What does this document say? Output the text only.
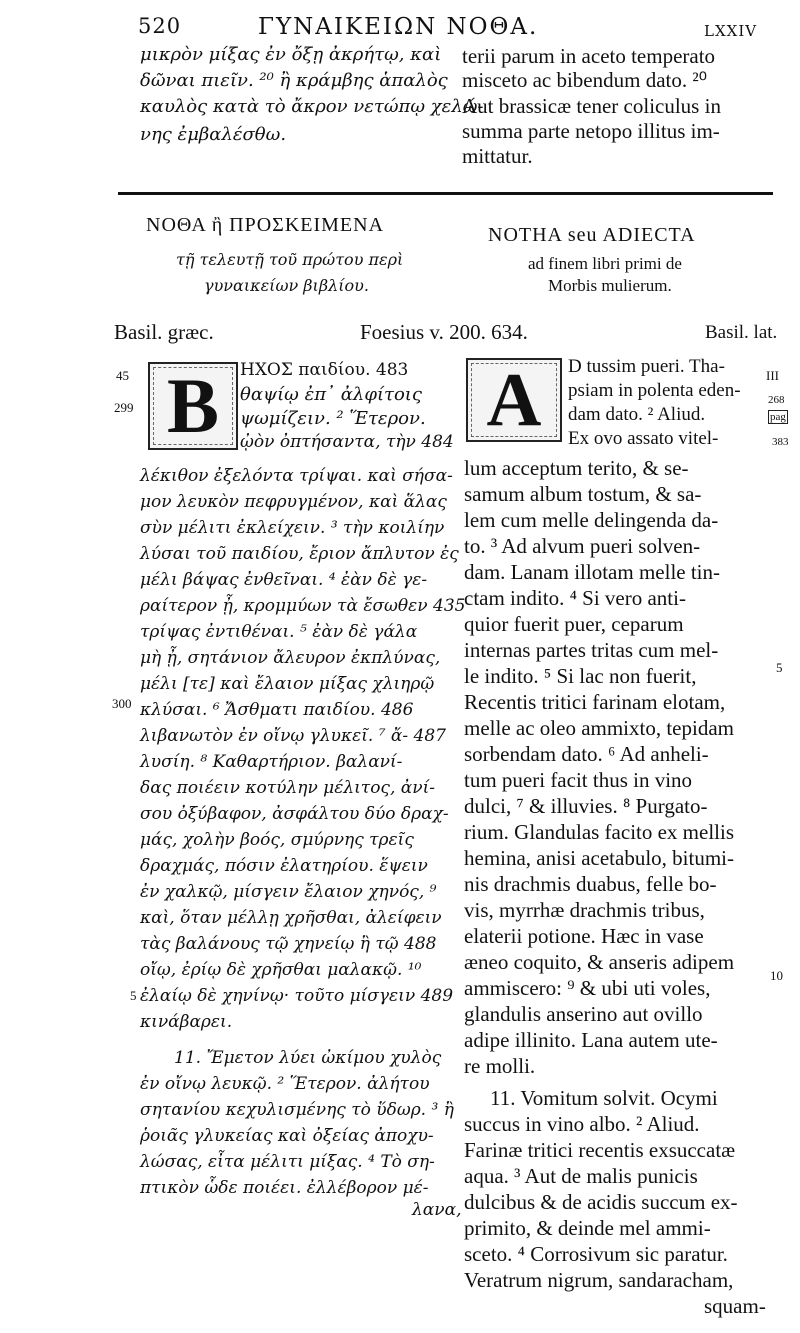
520	ΓΥΝΑΙΚΕΙΩΝ ΝΟΘΑ.	LXXIV
μικρὸν μίξας ἐν ὄξῃ ἀκρήτῳ, καὶ
δῶναι πιεῖν. ²⁰ ἢ κράμβης ἁπαλὸς
καυλὸς κατὰ τὸ ἄκρον νετώπῳ χελώ-
νης ἐμβαλέσθω.
terii parum in aceto temperato
misceto ac bibendum dato. ²⁰
Aut brassicæ tener coliculus in
summa parte netopo illitus im-
mittatur.
ΝΟΘΑ ἢ ΠΡΟΣΚΕΙΜΕΝΑ
τῇ τελευτῇ τοῦ πρώτου περὶ
γυναικείων βιβλίου.
NOTHA seu ADIECTA
ad finem libri primi de
Morbis mulierum.
Basil. græc.	Foesius v. 200. 634.	Basil. lat.
45
299
300
5
III
268
pag
383
5
10
B	A
ΗΧΟΣ παιδίου. 483
θαψίῳ ἐπ᾽ ἀλφίτοις
ψωμίζειν. ² Ἕτερον.
ᾠὸν ὀπτήσαντα, τὴν 484
λέκιθον ἐξελόντα τρίψαι. καὶ σήσα-
μον λευκὸν πεφρυγμένον, καὶ ἅλας
σὺν μέλιτι ἐκλείχειν. ³ τὴν κοιλίην
λύσαι τοῦ παιδίου, ἔριον ἄπλυτον ἐς
μέλι βάψας ἐνθεῖναι. ⁴ ἐὰν δὲ γε-
ραίτερον ᾖ, κρομμύων τὰ ἔσωθεν 435
τρίψας ἐντιθέναι. ⁵ ἐὰν δὲ γάλα
μὴ ᾖ, σητάνιον ἄλευρον ἐκπλύνας,
μέλι [τε] καὶ ἔλαιον μίξας χλιηρῷ
κλύσαι. ⁶ Ἄσθματι παιδίου. 486
λιβανωτὸν ἐν οἴνῳ γλυκεῖ. ⁷ ἄ- 487
λυσίη. ⁸ Καθαρτήριον. βαλανί-
δας ποιέειν κοτύλην μέλιτος, ἀνί-
σου ὀξύβαφον, ἀσφάλτου δύο δραχ-
μάς, χολὴν βοός, σμύρνης τρεῖς
δραχμάς, πόσιν ἐλατηρίου. ἕψειν
ἐν χαλκῷ, μίσγειν ἔλαιον χηνός, ⁹
καὶ, ὅταν μέλλῃ χρῆσθαι, ἀλείφειν
τὰς βαλάνους τῷ χηνείῳ ἢ τῷ 488
οἴῳ, ἐρίῳ δὲ χρῆσθαι μαλακῷ. ¹⁰
ἐλαίῳ δὲ χηνίνῳ· τοῦτο μίσγειν 489
κινάβαρει.
11. Ἔμετον λύει ὠκίμου χυλὸς
ἐν οἴνῳ λευκῷ. ² Ἕτερον. ἀλήτου
σητανίου κεχυλισμένης τὸ ὕδωρ. ³ ἢ
ῥοιᾶς γλυκείας καὶ ὀξείας ἀποχυ-
λώσας, εἶτα μέλιτι μίξας. ⁴ Τὸ ση-
πτικὸν ὧδε ποιέει. ἐλλέβορον μέ-
λανα,
D tussim pueri. Tha-
psiam in polenta eden-
dam dato. ² Aliud.
Ex ovo assato vitel-
lum acceptum terito, & se-
samum album tostum, & sa-
lem cum melle delingenda da-
to. ³ Ad alvum pueri solven-
dam. Lanam illotam melle tin-
ctam indito. ⁴ Si vero anti-
quior fuerit puer, ceparum
internas partes tritas cum mel-
le indito. ⁵ Si lac non fuerit,
Recentis tritici farinam elotam,
melle ac oleo ammixto, tepidam
sorbendam dato. ⁶ Ad anheli-
tum pueri facit thus in vino
dulci, ⁷ & illuvies. ⁸ Purgato-
rium. Glandulas facito ex mellis
hemina, anisi acetabulo, bitumi-
nis drachmis duabus, felle bo-
vis, myrrhæ drachmis tribus,
elaterii potione. Hæc in vase
æneo coquito, & anseris adipem
ammiscero: ⁹ & ubi uti voles,
glandulis anserino aut ovillo
adipe illinito. Lana autem ute-
re molli.
11. Vomitum solvit. Ocymi
succus in vino albo. ² Aliud.
Farinæ tritici recentis exsuccatæ
aqua. ³ Aut de malis punicis
dulcibus & de acidis succum ex-
primito, & deinde mel ammi-
sceto. ⁴ Corrosivum sic paratur.
Veratrum nigrum, sandaracham,
squam-
